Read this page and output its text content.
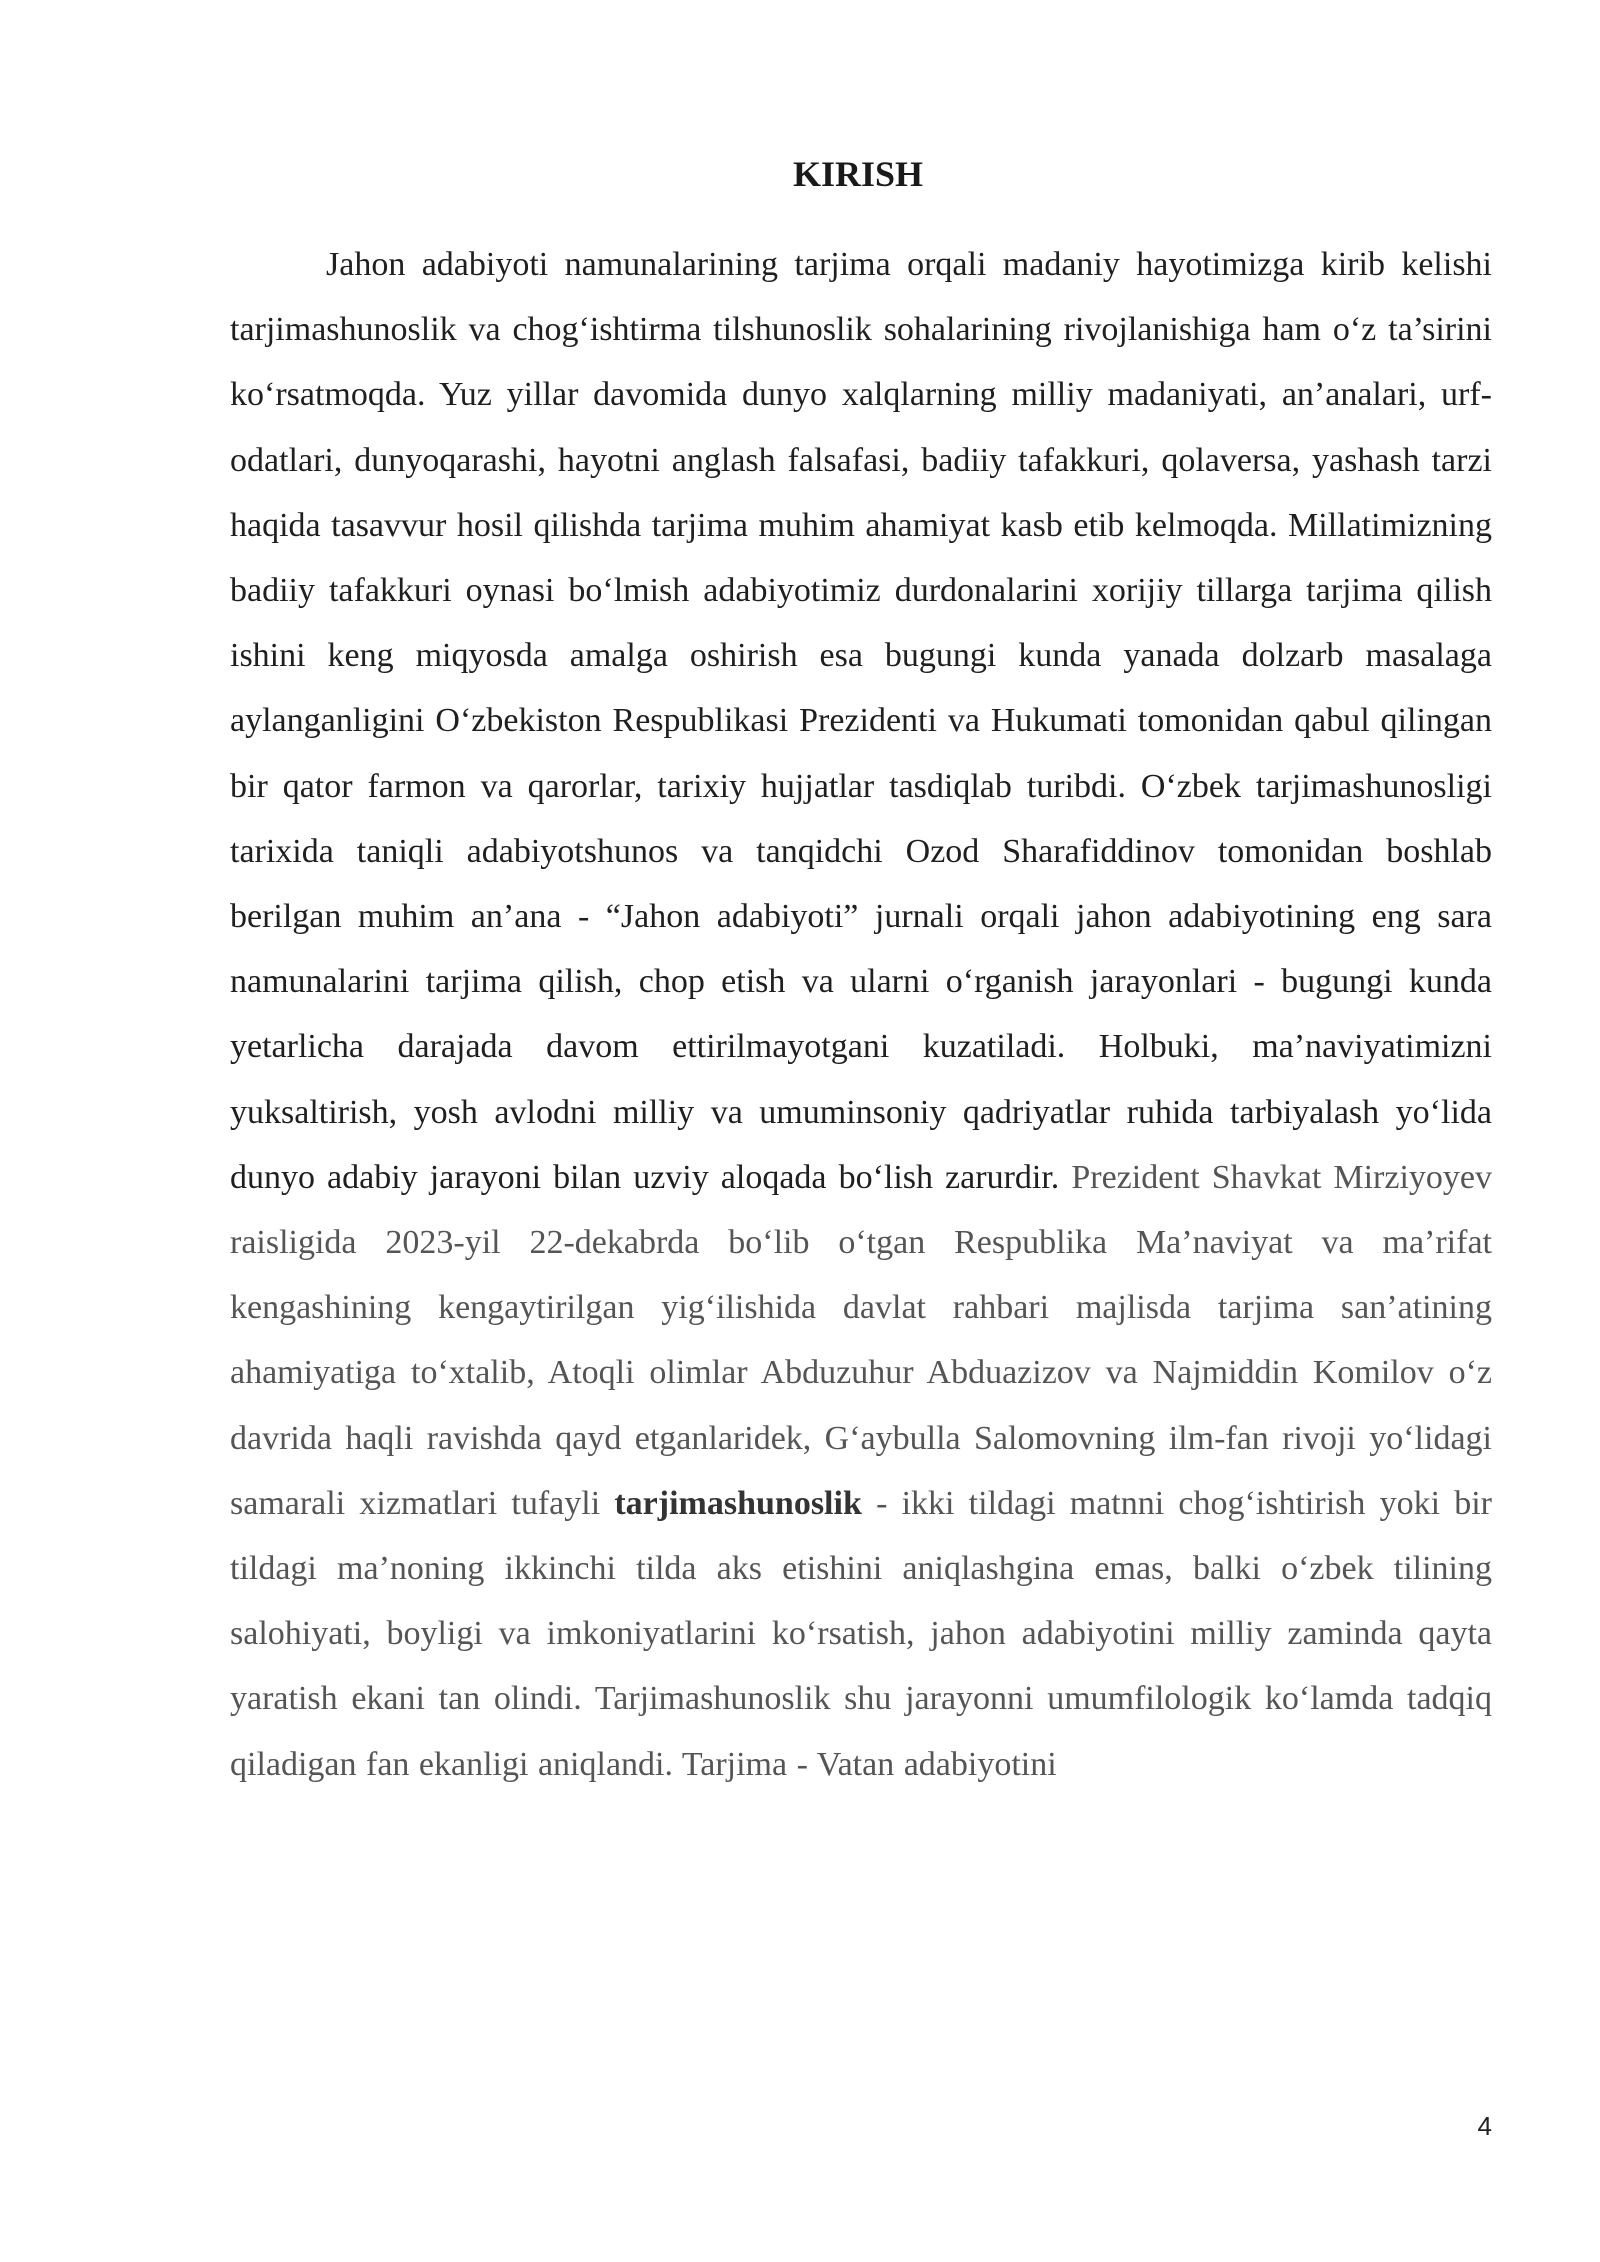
KIRISH

Jahon adabiyoti namunalarining tarjima orqali madaniy hayotimizga kirib kelishi tarjimashunoslik va chog‘ishtirma tilshunoslik sohalarining rivojlanishiga ham o‘z ta’sirini ko‘rsatmoqda. Yuz yillar davomida dunyo xalqlarning milliy madaniyati, an’analari, urf-odatlari, dunyoqarashi, hayotni anglash falsafasi, badiiy tafakkuri, qolaversa, yashash tarzi haqida tasavvur hosil qilishda tarjima muhim ahamiyat kasb etib kelmoqda. Millatimizning badiiy tafakkuri oynasi bo‘lmish adabiyotimiz durdonalarini xorijiy tillarga tarjima qilish ishini keng miqyosda amalga oshirish esa bugungi kunda yanada dolzarb masalaga aylanganligini O‘zbekiston Respublikasi Prezidenti va Hukumati tomonidan qabul qilingan bir qator farmon va qarorlar, tarixiy hujjatlar tasdiqlab turibdi. O‘zbek tarjimashunosligi tarixida taniqli adabiyotshunos va tanqidchi Ozod Sharafiddinov tomonidan boshlab berilgan muhim an’ana - “Jahon adabiyoti” jurnali orqali jahon adabiyotining eng sara namunalarini tarjima qilish, chop etish va ularni o‘rganish jarayonlari - bugungi kunda yetarlicha darajada davom ettirilmayotgani kuzatiladi. Holbuki, ma’naviyatimizni yuksaltirish, yosh avlodni milliy va umuminsoniy qadriyatlar ruhida tarbiyalash yo‘lida dunyo adabiy jarayoni bilan uzviy aloqada bo‘lish zarurdir. Prezident Shavkat Mirziyoyev raisligida 2023-yil 22-dekabrda bo‘lib o‘tgan Respublika Ma’naviyat va ma’rifat kengashining kengaytirilgan yig‘ilishida davlat rahbari majlisda tarjima san’atining ahamiyatiga to‘xtalib, Atoqli olimlar Abduzuhur Abduazizov va Najmiddin Komilov o‘z davrida haqli ravishda qayd etganlaridek, G‘aybulla Salomovning ilm-fan rivoji yo‘lidagi samarali xizmatlari tufayli tarjimashunoslik - ikki tildagi matnni chog‘ishtirish yoki bir tildagi ma’noning ikkinchi tilda aks etishini aniqlashgina emas, balki o‘zbek tilining salohiyati, boyligi va imkoniyatlarini ko‘rsatish, jahon adabiyotini milliy zaminda qayta yaratish ekani tan olindi. Tarjimashunoslik shu jarayonni umumfilologik ko‘lamda tadqiq qiladigan fan ekanligi aniqlandi. Tarjima - Vatan adabiyotini

4
